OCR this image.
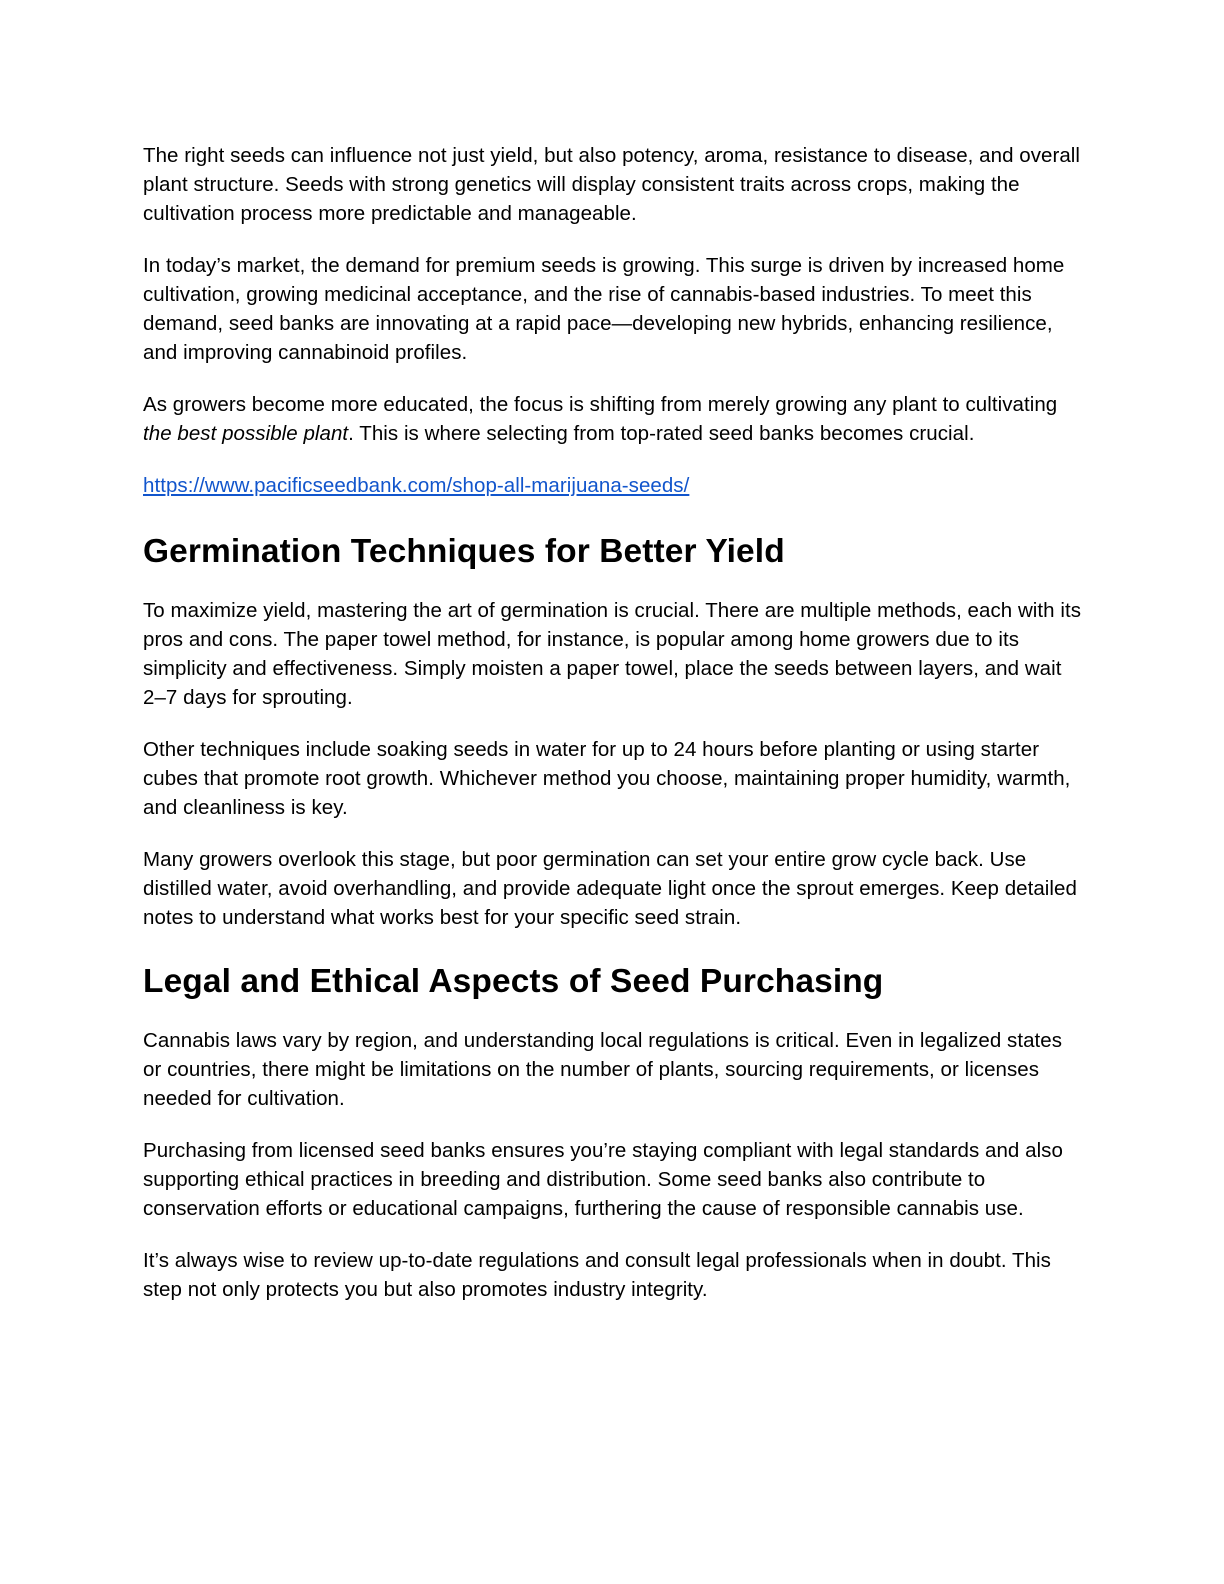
The right seeds can influence not just yield, but also potency, aroma, resistance to disease, and overall plant structure. Seeds with strong genetics will display consistent traits across crops, making the cultivation process more predictable and manageable.

In today’s market, the demand for premium seeds is growing. This surge is driven by increased home cultivation, growing medicinal acceptance, and the rise of cannabis-based industries. To meet this demand, seed banks are innovating at a rapid pace—developing new hybrids, enhancing resilience, and improving cannabinoid profiles.

As growers become more educated, the focus is shifting from merely growing any plant to cultivating the best possible plant. This is where selecting from top-rated seed banks becomes crucial.

https://www.pacificseedbank.com/shop-all-marijuana-seeds/

Germination Techniques for Better Yield

To maximize yield, mastering the art of germination is crucial. There are multiple methods, each with its pros and cons. The paper towel method, for instance, is popular among home growers due to its simplicity and effectiveness. Simply moisten a paper towel, place the seeds between layers, and wait 2–7 days for sprouting.

Other techniques include soaking seeds in water for up to 24 hours before planting or using starter cubes that promote root growth. Whichever method you choose, maintaining proper humidity, warmth, and cleanliness is key.

Many growers overlook this stage, but poor germination can set your entire grow cycle back. Use distilled water, avoid overhandling, and provide adequate light once the sprout emerges. Keep detailed notes to understand what works best for your specific seed strain.

Legal and Ethical Aspects of Seed Purchasing

Cannabis laws vary by region, and understanding local regulations is critical. Even in legalized states or countries, there might be limitations on the number of plants, sourcing requirements, or licenses needed for cultivation.

Purchasing from licensed seed banks ensures you’re staying compliant with legal standards and also supporting ethical practices in breeding and distribution. Some seed banks also contribute to conservation efforts or educational campaigns, furthering the cause of responsible cannabis use.

It’s always wise to review up-to-date regulations and consult legal professionals when in doubt. This step not only protects you but also promotes industry integrity.
